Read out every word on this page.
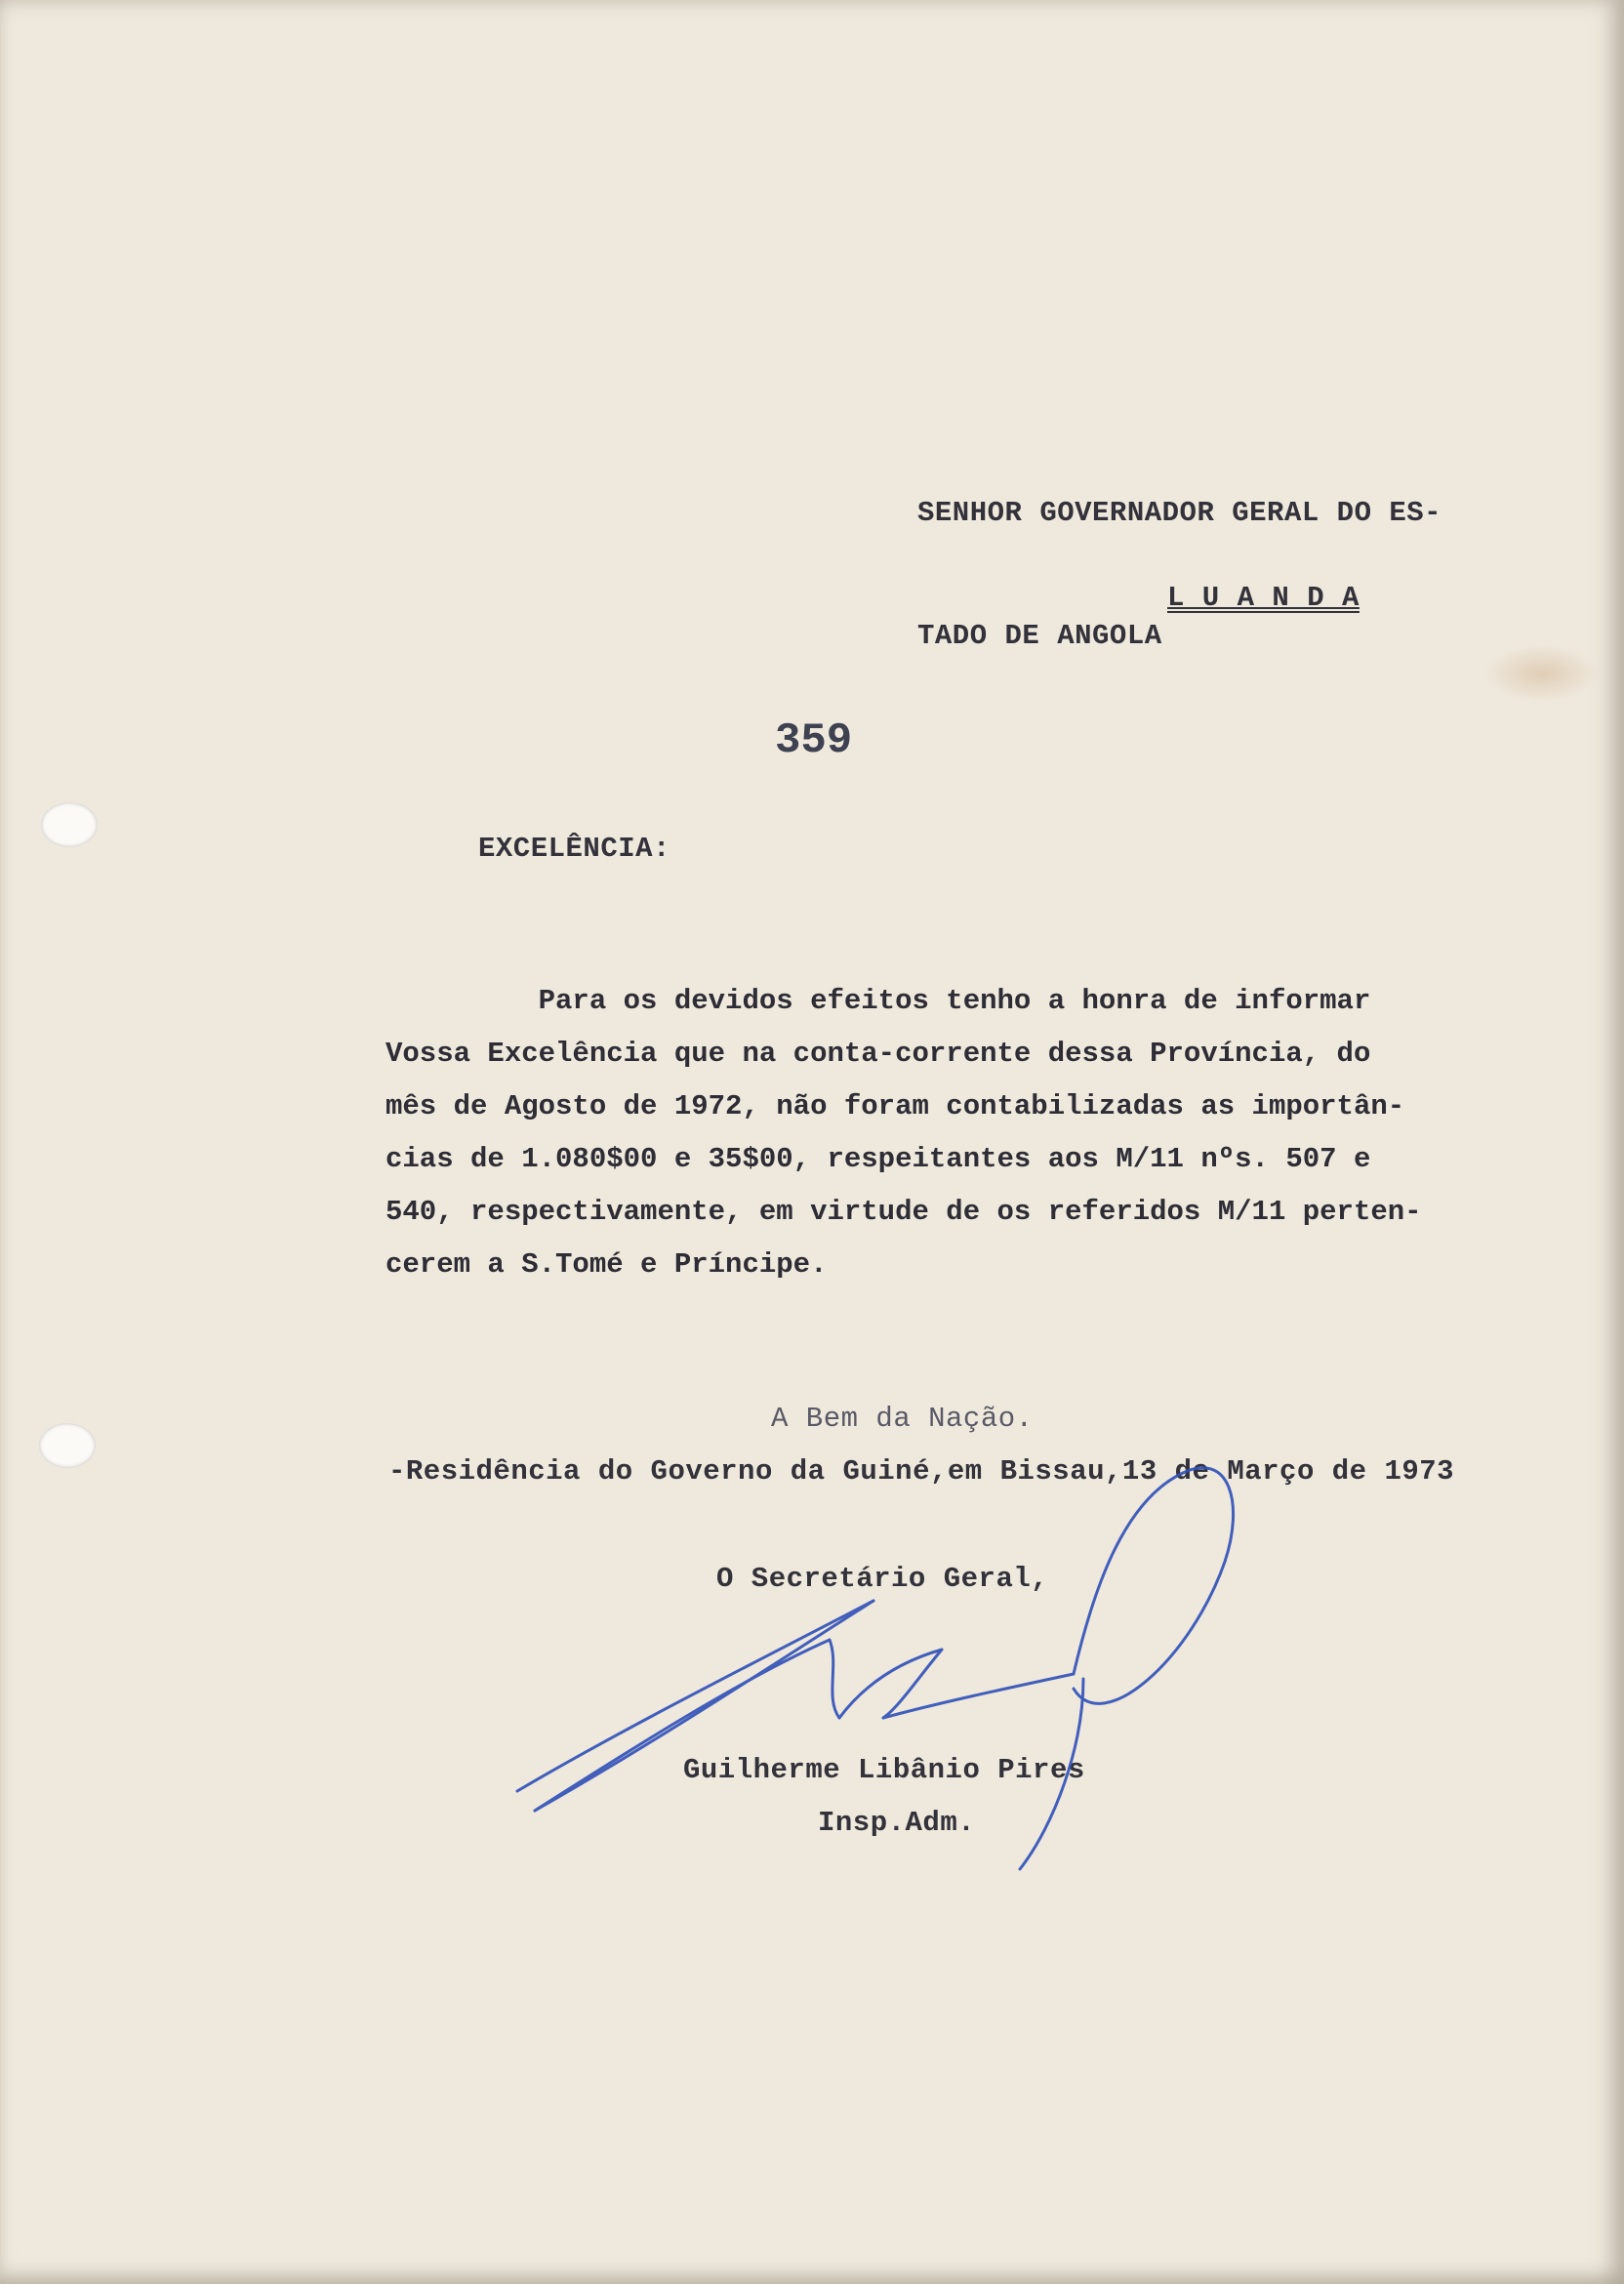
SENHOR GOVERNADOR GERAL DO ES-

TADO DE ANGOLA

L U A N D A
359
EXCELÊNCIA:
Para os devidos efeitos tenho a honra de informar
Vossa Excelência que na conta-corrente dessa Província, do
mês de Agosto de 1972, não foram contabilizadas as importân-
cias de 1.080$00 e 35$00, respeitantes aos M/11 nºs. 507 e
540, respectivamente, em virtude de os referidos M/11 perten-
cerem a S.Tomé e Príncipe.
A Bem da Nação.
-Residência do Governo da Guiné,em Bissau,13 de Março de 1973
O Secretário Geral,
Guilherme Libânio Pires
Insp.Adm.
